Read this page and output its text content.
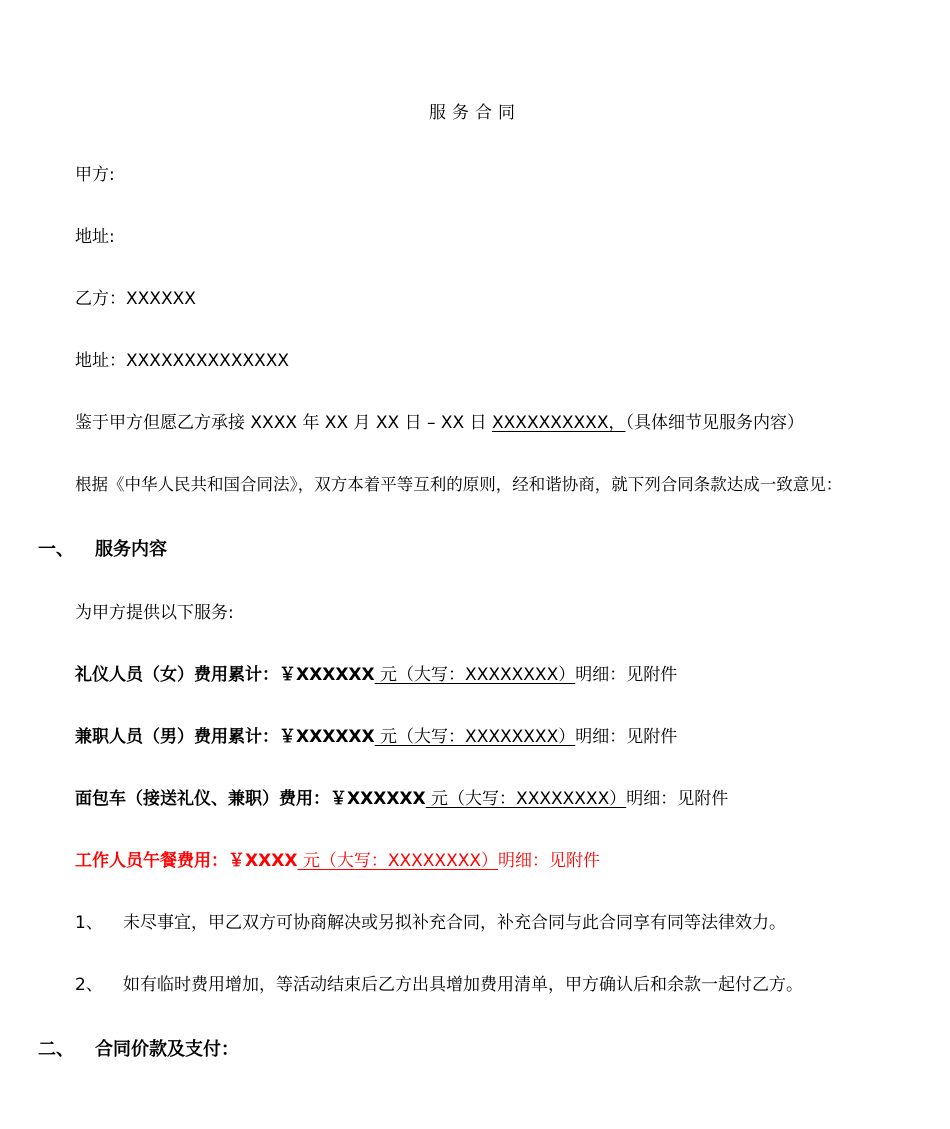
服务合同
甲方:
地址:
乙方：XXXXXX
地址：XXXXXXXXXXXXXX
鉴于甲方但愿乙方承接 XXXX 年 XX 月 XX 日 – XX 日 XXXXXXXXXX，（具体细节见服务内容）
根据《中华人民共和国合同法》，双方本着平等互利的原则，经和谐协商，就下列合同条款达成一致意见：
一、 服务内容
为甲方提供以下服务:
礼仪人员（女）费用累计：￥XXXXXX 元（大写：XXXXXXXX）明细：见附件
兼职人员（男）费用累计：￥XXXXXX 元（大写：XXXXXXXX）明细：见附件
面包车（接送礼仪、兼职）费用：￥XXXXXX 元（大写：XXXXXXXX）明细：见附件
工作人员午餐费用：￥XXXX 元（大写：XXXXXXXX）明细：见附件
1、 未尽事宜，甲乙双方可协商解决或另拟补充合同，补充合同与此合同享有同等法律效力。
2、 如有临时费用增加，等活动结束后乙方出具增加费用清单，甲方确认后和余款一起付乙方。
二、 合同价款及支付：
